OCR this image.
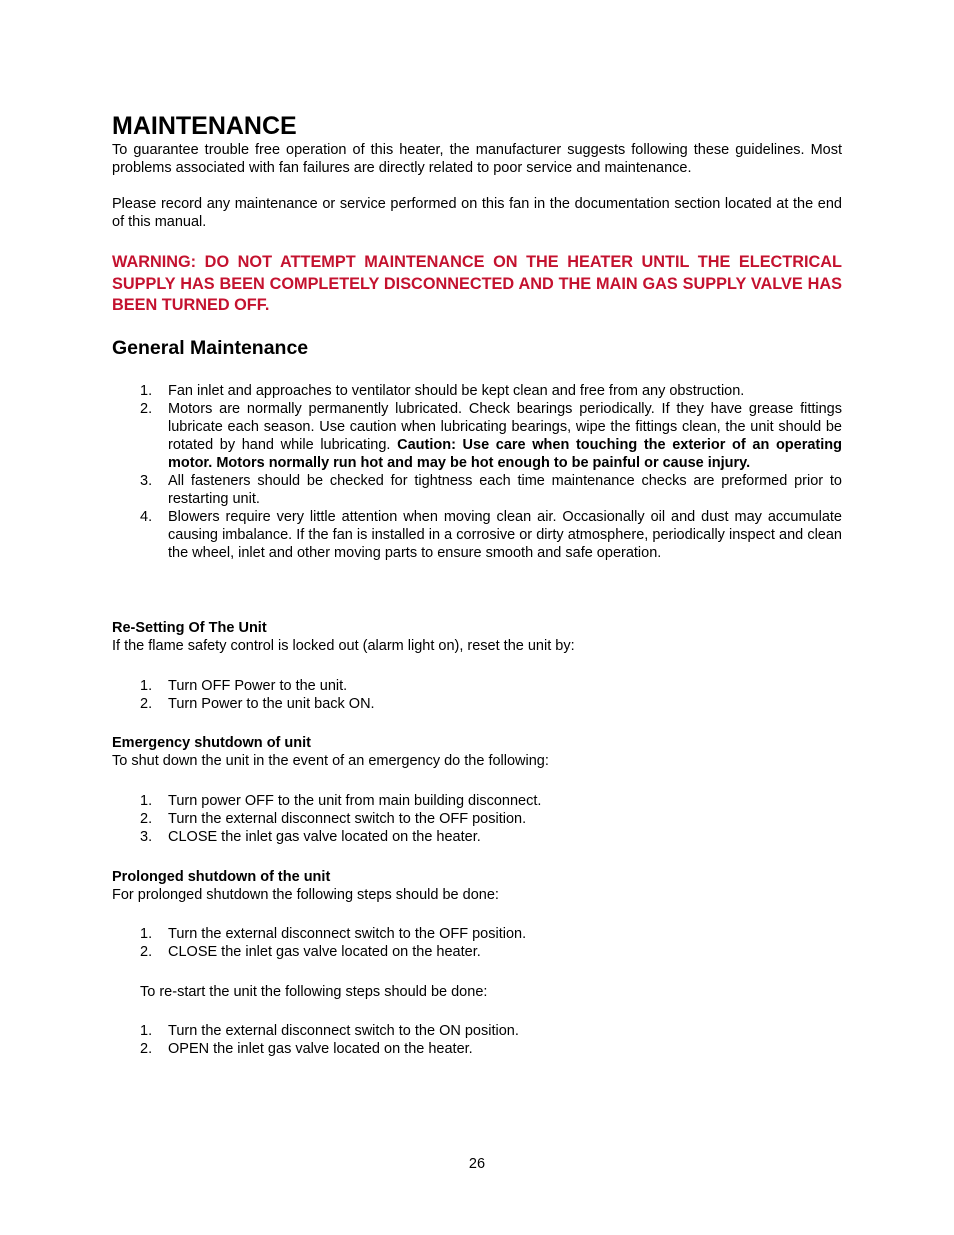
MAINTENANCE

To guarantee trouble free operation of this heater, the manufacturer suggests following these guidelines. Most problems associated with fan failures are directly related to poor service and maintenance.

Please record any maintenance or service performed on this fan in the documentation section located at the end of this manual.

WARNING: DO NOT ATTEMPT MAINTENANCE ON THE HEATER UNTIL THE ELECTRICAL SUPPLY HAS BEEN COMPLETELY DISCONNECTED AND THE MAIN GAS SUPPLY VALVE HAS BEEN TURNED OFF.

General Maintenance
1. Fan inlet and approaches to ventilator should be kept clean and free from any obstruction.
2. Motors are normally permanently lubricated. Check bearings periodically. If they have grease fittings lubricate each season. Use caution when lubricating bearings, wipe the fittings clean, the unit should be rotated by hand while lubricating. Caution: Use care when touching the exterior of an operating motor. Motors normally run hot and may be hot enough to be painful or cause injury.
3. All fasteners should be checked for tightness each time maintenance checks are preformed prior to restarting unit.
4. Blowers require very little attention when moving clean air. Occasionally oil and dust may accumulate causing imbalance. If the fan is installed in a corrosive or dirty atmosphere, periodically inspect and clean the wheel, inlet and other moving parts to ensure smooth and safe operation.

Re-Setting Of The Unit

If the flame safety control is locked out (alarm light on), reset the unit by:

1. Turn OFF Power to the unit.
2. Turn Power to the unit back ON.

Emergency shutdown of unit

To shut down the unit in the event of an emergency do the following:

1. Turn power OFF to the unit from main building disconnect.
2. Turn the external disconnect switch to the OFF position.
3. CLOSE the inlet gas valve located on the heater.

Prolonged shutdown of the unit

For prolonged shutdown the following steps should be done:

1. Turn the external disconnect switch to the OFF position.
2. CLOSE the inlet gas valve located on the heater.

To re-start the unit the following steps should be done:

1. Turn the external disconnect switch to the ON position.
2. OPEN the inlet gas valve located on the heater.
26
